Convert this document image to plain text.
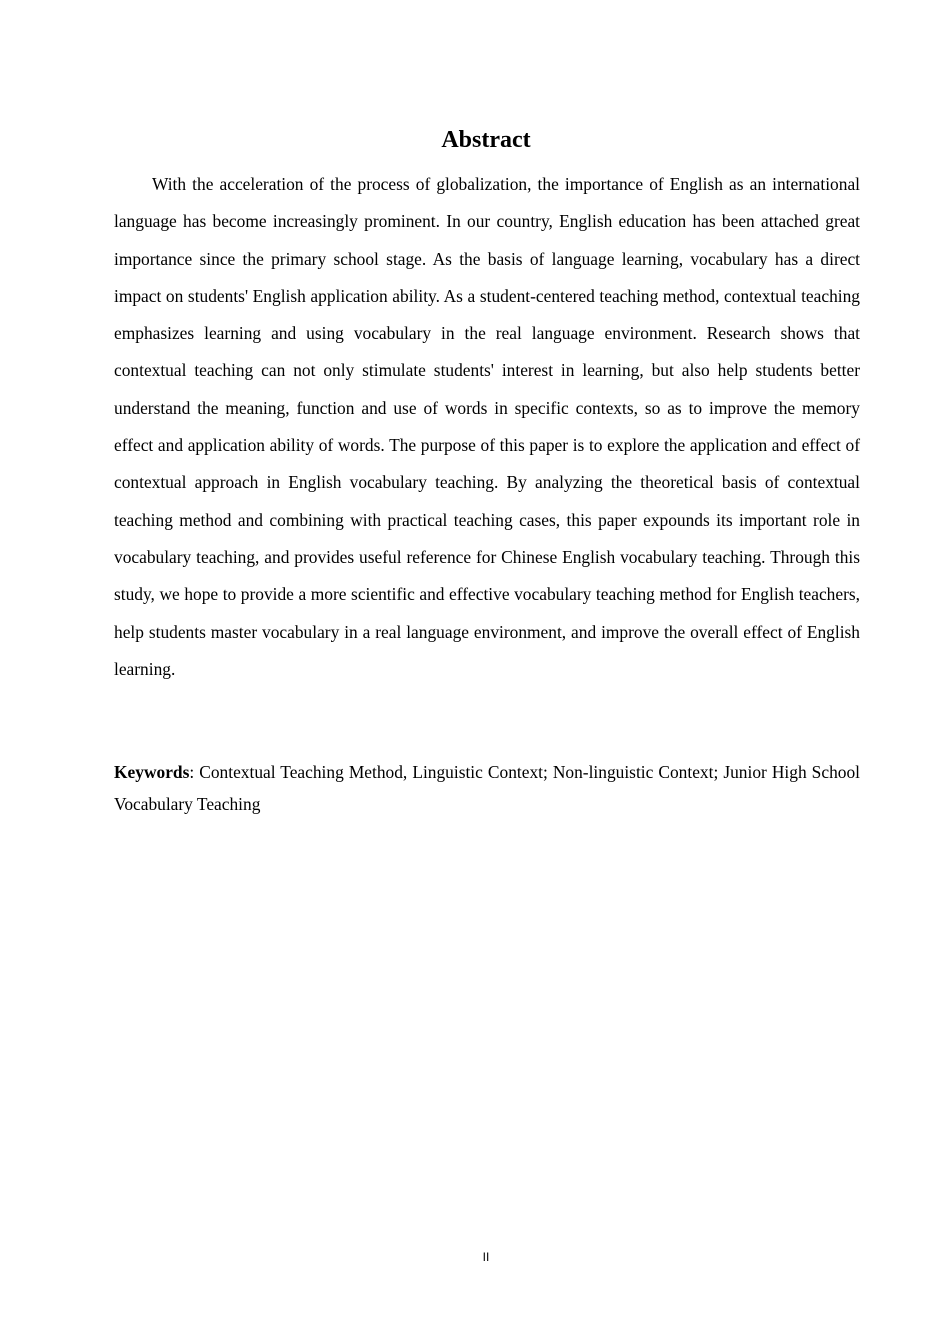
Abstract

With the acceleration of the process of globalization, the importance of English as an international language has become increasingly prominent. In our country, English education has been attached great importance since the primary school stage. As the basis of language learning, vocabulary has a direct impact on students' English application ability. As a student-centered teaching method, contextual teaching emphasizes learning and using vocabulary in the real language environment. Research shows that contextual teaching can not only stimulate students' interest in learning, but also help students better understand the meaning, function and use of words in specific contexts, so as to improve the memory effect and application ability of words. The purpose of this paper is to explore the application and effect of contextual approach in English vocabulary teaching. By analyzing the theoretical basis of contextual teaching method and combining with practical teaching cases, this paper expounds its important role in vocabulary teaching, and provides useful reference for Chinese English vocabulary teaching. Through this study, we hope to provide a more scientific and effective vocabulary teaching method for English teachers, help students master vocabulary in a real language environment, and improve the overall effect of English learning.

Keywords: Contextual Teaching Method, Linguistic Context; Non-linguistic Context; Junior High School Vocabulary Teaching

II
